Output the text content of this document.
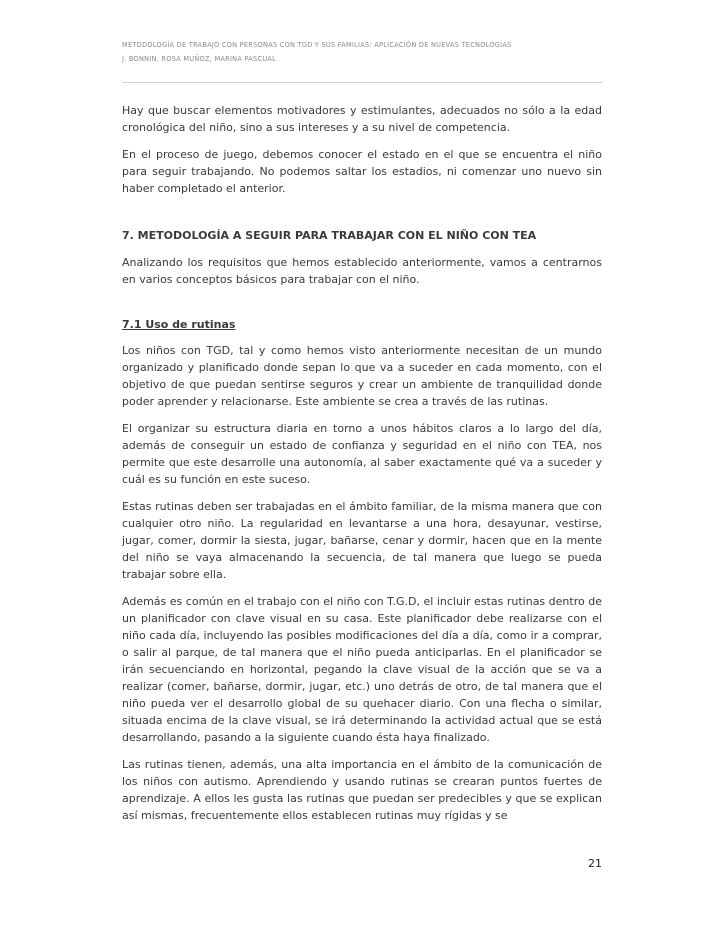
METODOLOGÍA DE TRABAJO CON PERSONAS CON TGD Y SUS FAMILIAS: APLICACIÓN DE NUEVAS TECNOLOGÍAS
J. BONNIN, ROSA MUÑOZ, MARINA PASCUAL

Hay que buscar elementos motivadores y estimulantes, adecuados no sólo a la edad cronológica del niño, sino a sus intereses y a su nivel de competencia.

En el proceso de juego, debemos conocer el estado en el que se encuentra el niño para seguir trabajando. No podemos saltar los estadios, ni comenzar uno nuevo sin haber completado el anterior.

7. METODOLOGÍA A SEGUIR PARA TRABAJAR CON EL NIÑO CON TEA

Analizando los requisitos que hemos establecido anteriormente, vamos a centrarnos en varios conceptos básicos para trabajar con el niño.

7.1 Uso de rutinas

Los niños con TGD, tal y como hemos visto anteriormente necesitan de un mundo organizado y planificado donde sepan lo que va a suceder en cada momento, con el objetivo de que puedan sentirse seguros y crear un ambiente de tranquilidad donde poder aprender y relacionarse. Este ambiente se crea a través de las rutinas.

El organizar su estructura diaria en torno a unos hábitos claros a lo largo del día, además de conseguir un estado de confianza y seguridad en el niño con TEA, nos permite que este desarrolle una autonomía, al saber exactamente qué va a suceder y cuál es su función en este suceso.

Estas rutinas deben ser trabajadas en el ámbito familiar, de la misma manera que con cualquier otro niño. La regularidad en levantarse a una hora, desayunar, vestirse, jugar, comer, dormir la siesta, jugar, bañarse, cenar y dormir, hacen que en la mente del niño se vaya almacenando la secuencia, de tal manera que luego se pueda trabajar sobre ella.

Además es común en el trabajo con el niño con T.G.D, el incluir estas rutinas dentro de un planificador con clave visual en su casa. Este planificador debe realizarse con el niño cada día, incluyendo las posibles modificaciones del día a día, como ir a comprar, o salir al parque, de tal manera que el niño pueda anticiparlas. En el planificador se irán secuenciando en horizontal, pegando la clave visual de la acción que se va a realizar (comer, bañarse, dormir, jugar, etc.) uno detrás de otro, de tal manera que el niño pueda ver el desarrollo global de su quehacer diario. Con una flecha o similar, situada encima de la clave visual, se irá determinando la actividad actual que se está desarrollando, pasando a la siguiente cuando ésta haya finalizado.

Las rutinas tienen, además, una alta importancia en el ámbito de la comunicación de los niños con autismo. Aprendiendo y usando rutinas se crearan puntos fuertes de aprendizaje. A ellos les gusta las rutinas que puedan ser predecibles y que se explican así mismas, frecuentemente ellos establecen rutinas muy rígidas y se

21
